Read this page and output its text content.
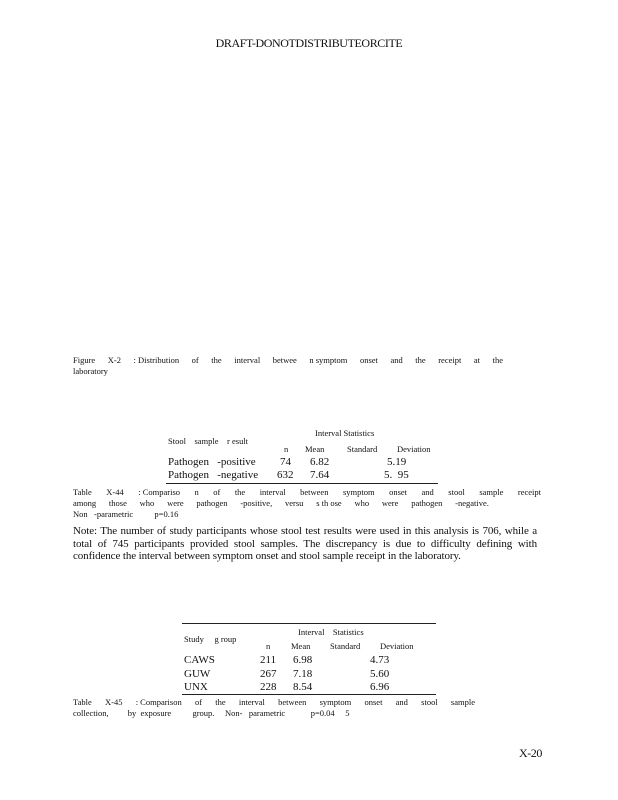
DRAFT-DONOTDISTRIBUTEORCITE
Figure X-2 : Distribution of the interval betwee n symptom onset and the receipt at the
laboratory
Interval Statistics
Stool    sample    r esult
n Mean	Standard Deviation
Pathogen   -positive 74 6.82	5.19
Pathogen   -negative 632 7.64	5.  95
Table X-44 : Compariso n of the interval between symptom onset and stool sample receipt
among those who were pathogen -positive, versu s th ose who were pathogen -negative.
Non   -parametric          p=0.16
Note: The number of study participants whose stool test results were used in this analysis is 706, while a total of 745 participants provided stool samples. The discrepancy is due to difficulty defining with confidence the interval between symptom onset and stool sample receipt in the laboratory.
Interval    Statistics
Study     g roup
n Mean Standard Deviation
CAWS	211 6.98	4.73
GUW	267 7.18	5.60
UNX	228 8.54	6.96
Table X-45 : Comparison of the interval between symptom onset and stool sample
collection,         by  exposure          group.     Non-   parametric            p=0.04     5
X-20
